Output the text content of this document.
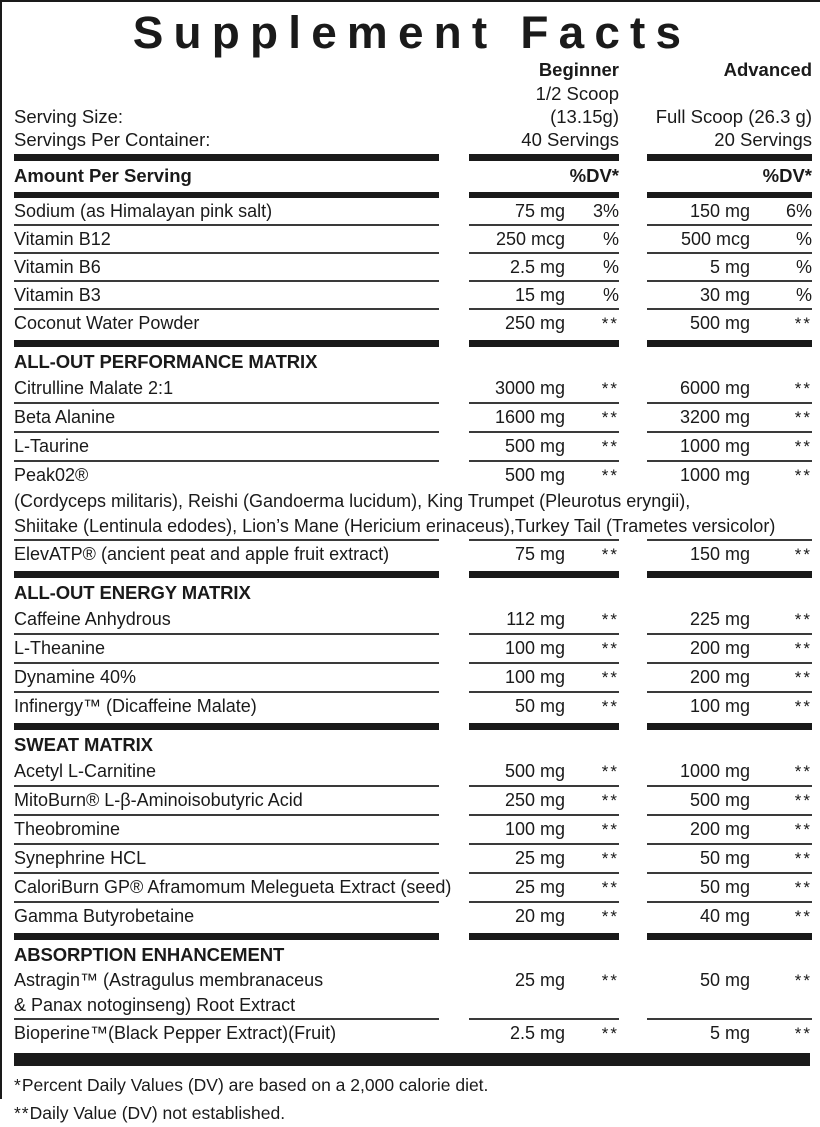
Supplement Facts
Beginner	Advanced
Serving Size:
1/2 Scoop (13.15g)	Full Scoop (26.3 g)
Servings Per Container:	40 Servings	20 Servings
Amount Per Serving	%DV*	%DV*
Sodium (as Himalayan pink salt)	75 mg	3%	150 mg	6%
Vitamin B12	250 mcg	%	500 mcg	%
Vitamin B6	2.5 mg	%	5 mg	%
Vitamin B3	15 mg	%	30 mg	%
Coconut Water Powder	250 mg	**	500 mg	**
ALL-OUT PERFORMANCE MATRIX
Citrulline Malate 2:1	3000 mg	**	6000 mg	**
Beta Alanine	1600 mg	**	3200 mg	**
L-Taurine	500 mg	**	1000 mg	**
Peak02®	500 mg	**	1000 mg	**
(Cordyceps militaris), Reishi (Gandoerma lucidum), King Trumpet (Pleurotus eryngii),
Shiitake (Lentinula edodes), Lion’s Mane (Hericium erinaceus),Turkey Tail (Trametes versicolor)
ElevATP® (ancient peat and apple fruit extract)	75 mg	**	150 mg	**
ALL-OUT ENERGY MATRIX
Caffeine Anhydrous	112 mg	**	225 mg	**
L-Theanine	100 mg	**	200 mg	**
Dynamine 40%	100 mg	**	200 mg	**
Infinergy™ (Dicaffeine Malate)	50 mg	**	100 mg	**
SWEAT MATRIX
Acetyl L-Carnitine	500 mg	**	1000 mg	**
MitoBurn® L-β-Aminoisobutyric Acid	250 mg	**	500 mg	**
Theobromine	100 mg	**	200 mg	**
Synephrine HCL	25 mg	**	50 mg	**
CaloriBurn GP® Aframomum Melegueta Extract (seed)	25 mg	**	50 mg	**
Gamma Butyrobetaine	20 mg	**	40 mg	**
ABSORPTION ENHANCEMENT
Astragin™ (Astragulus membranaceus
& Panax notoginseng) Root Extract
25 mg	**	50 mg	**
Bioperine™(Black Pepper Extract)(Fruit)	2.5 mg	**	5 mg	**
*Percent Daily Values (DV) are based on a 2,000 calorie diet.
**Daily Value (DV) not established.
